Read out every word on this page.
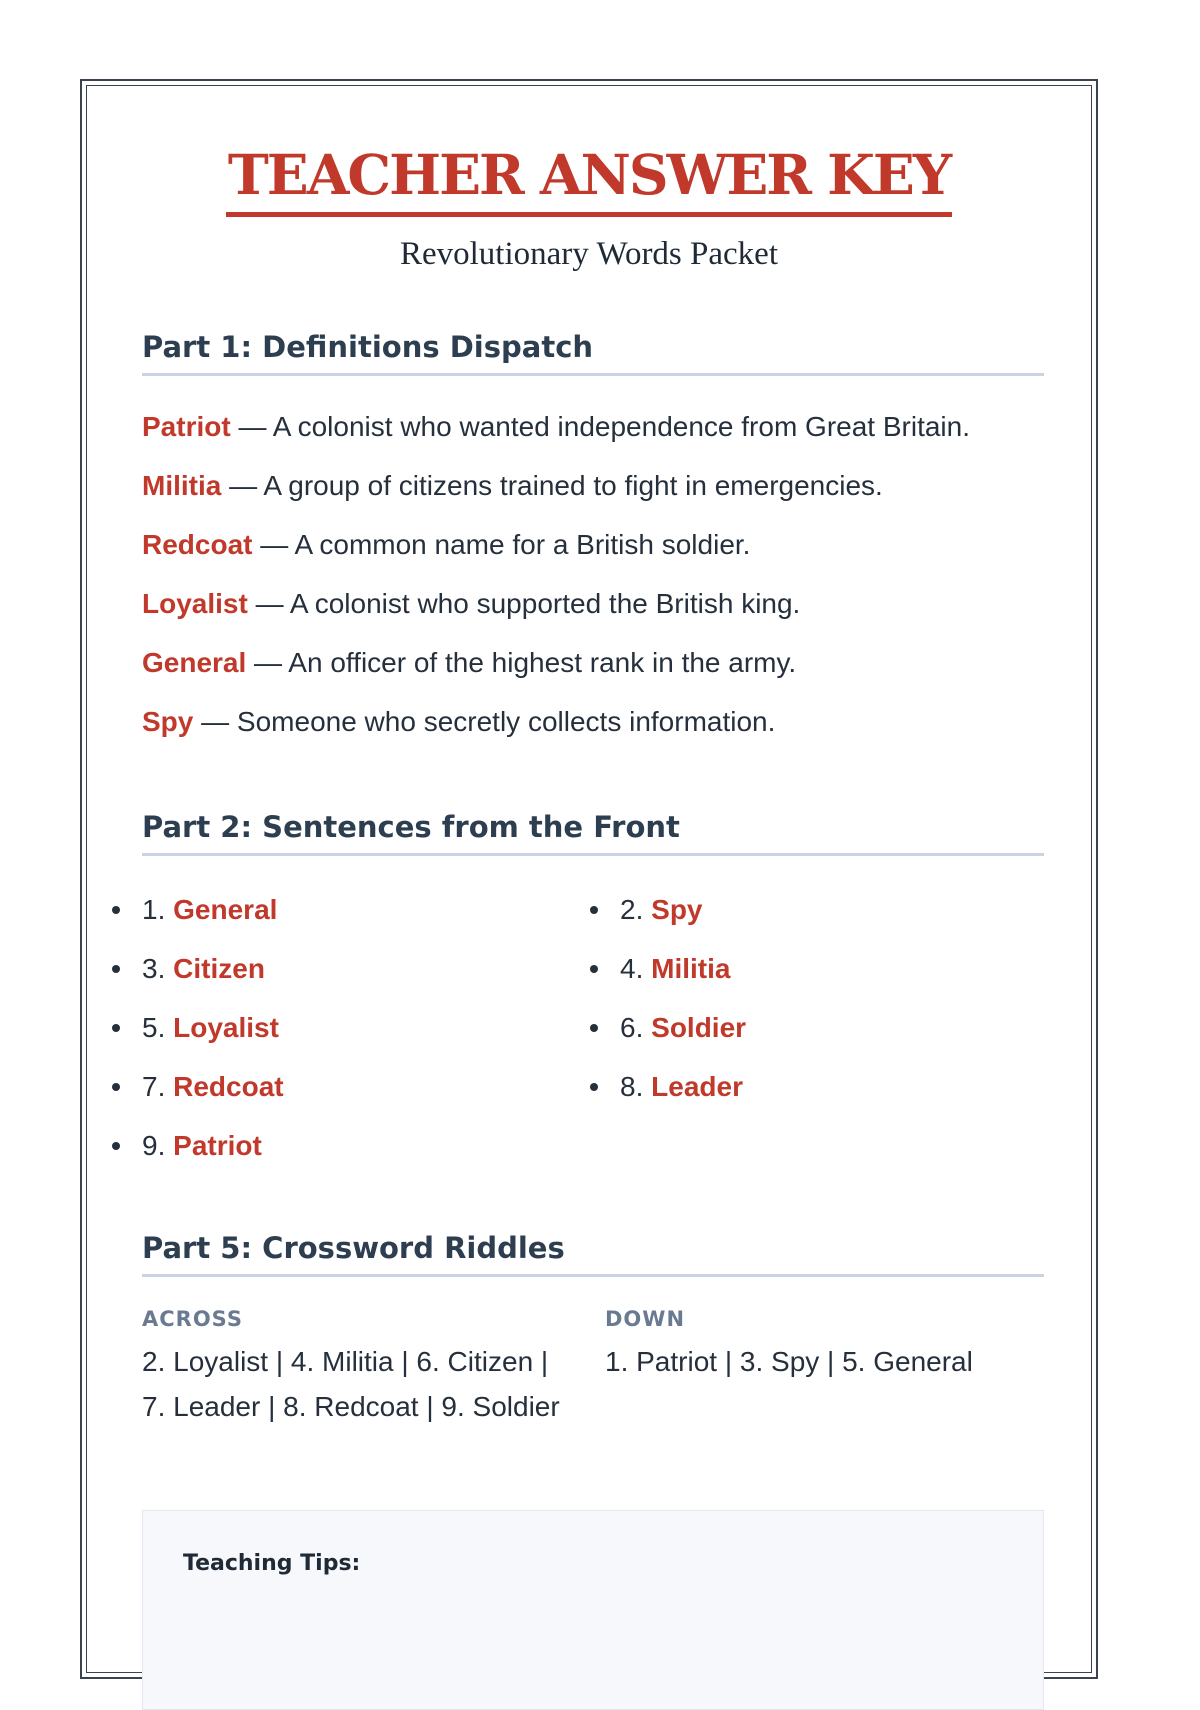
TEACHER ANSWER KEY
Revolutionary Words Packet
Part 1: Definitions Dispatch
Patriot — A colonist who wanted independence from Great Britain.
Militia — A group of citizens trained to fight in emergencies.
Redcoat — A common name for a British soldier.
Loyalist — A colonist who supported the British king.
General — An officer of the highest rank in the army.
Spy — Someone who secretly collects information.
Part 2: Sentences from the Front
1. General
3. Citizen
5. Loyalist
7. Redcoat
9. Patriot
2. Spy
4. Militia
6. Soldier
8. Leader
Part 5: Crossword Riddles
ACROSS
2. Loyalist | 4. Militia | 6. Citizen |
7. Leader | 8. Redcoat | 9. Soldier
DOWN
1. Patriot | 3. Spy | 5. General
Teaching Tips:
